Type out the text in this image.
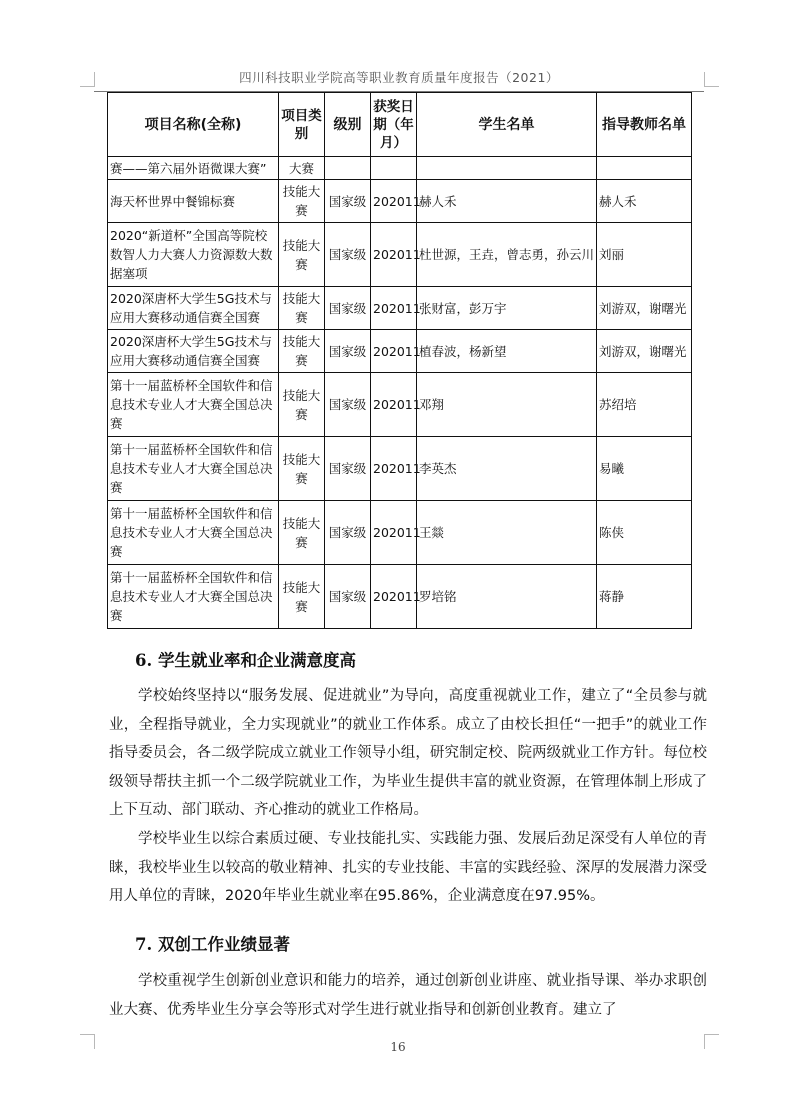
四川科技职业学院高等职业教育质量年度报告（2021）
项目名称(全称)	项目类别	级别	获奖日期（年月）	学生名单	指导教师名单
赛——第六届外语微课大赛”	大赛				
海天杯世界中餐锦标赛	技能大赛	国家级	202011	赫人禾	赫人禾
2020“新道杯”全国高等院校数智人力大赛人力资源数大数据塞项	技能大赛	国家级	202011	杜世源，王垚，曾志勇，孙云川	刘丽
2020深唐杯大学生5G技术与应用大赛移动通信赛全国赛	技能大赛	国家级	202011	张财富，彭万宇	刘游双，谢曙光
2020深唐杯大学生5G技术与应用大赛移动通信赛全国赛	技能大赛	国家级	202011	植春波，杨新望	刘游双，谢曙光
第十一届蓝桥杯全国软件和信息技术专业人才大赛全国总决赛	技能大赛	国家级	202011	邓翔	苏绍培
第十一届蓝桥杯全国软件和信息技术专业人才大赛全国总决赛	技能大赛	国家级	202011	李英杰	易曦
第十一届蓝桥杯全国软件和信息技术专业人才大赛全国总决赛	技能大赛	国家级	202011	王燚	陈侠
第十一届蓝桥杯全国软件和信息技术专业人才大赛全国总决赛	技能大赛	国家级	202011	罗培铭	蒋静
6. 学生就业率和企业满意度高

学校始终坚持以“服务发展、促进就业”为导向，高度重视就业工作，建立了“全员参与就业，全程指导就业，全力实现就业”的就业工作体系。成立了由校长担任“一把手”的就业工作指导委员会，各二级学院成立就业工作领导小组，研究制定校、院两级就业工作方针。每位校级领导帮扶主抓一个二级学院就业工作，为毕业生提供丰富的就业资源，在管理体制上形成了上下互动、部门联动、齐心推动的就业工作格局。

学校毕业生以综合素质过硬、专业技能扎实、实践能力强、发展后劲足深受有人单位的青睐，我校毕业生以较高的敬业精神、扎实的专业技能、丰富的实践经验、深厚的发展潜力深受用人单位的青睐，2020年毕业生就业率在95.86%，企业满意度在97.95%。

7. 双创工作业绩显著

学校重视学生创新创业意识和能力的培养，通过创新创业讲座、就业指导课、举办求职创业大赛、优秀毕业生分享会等形式对学生进行就业指导和创新创业教育。建立了

16
